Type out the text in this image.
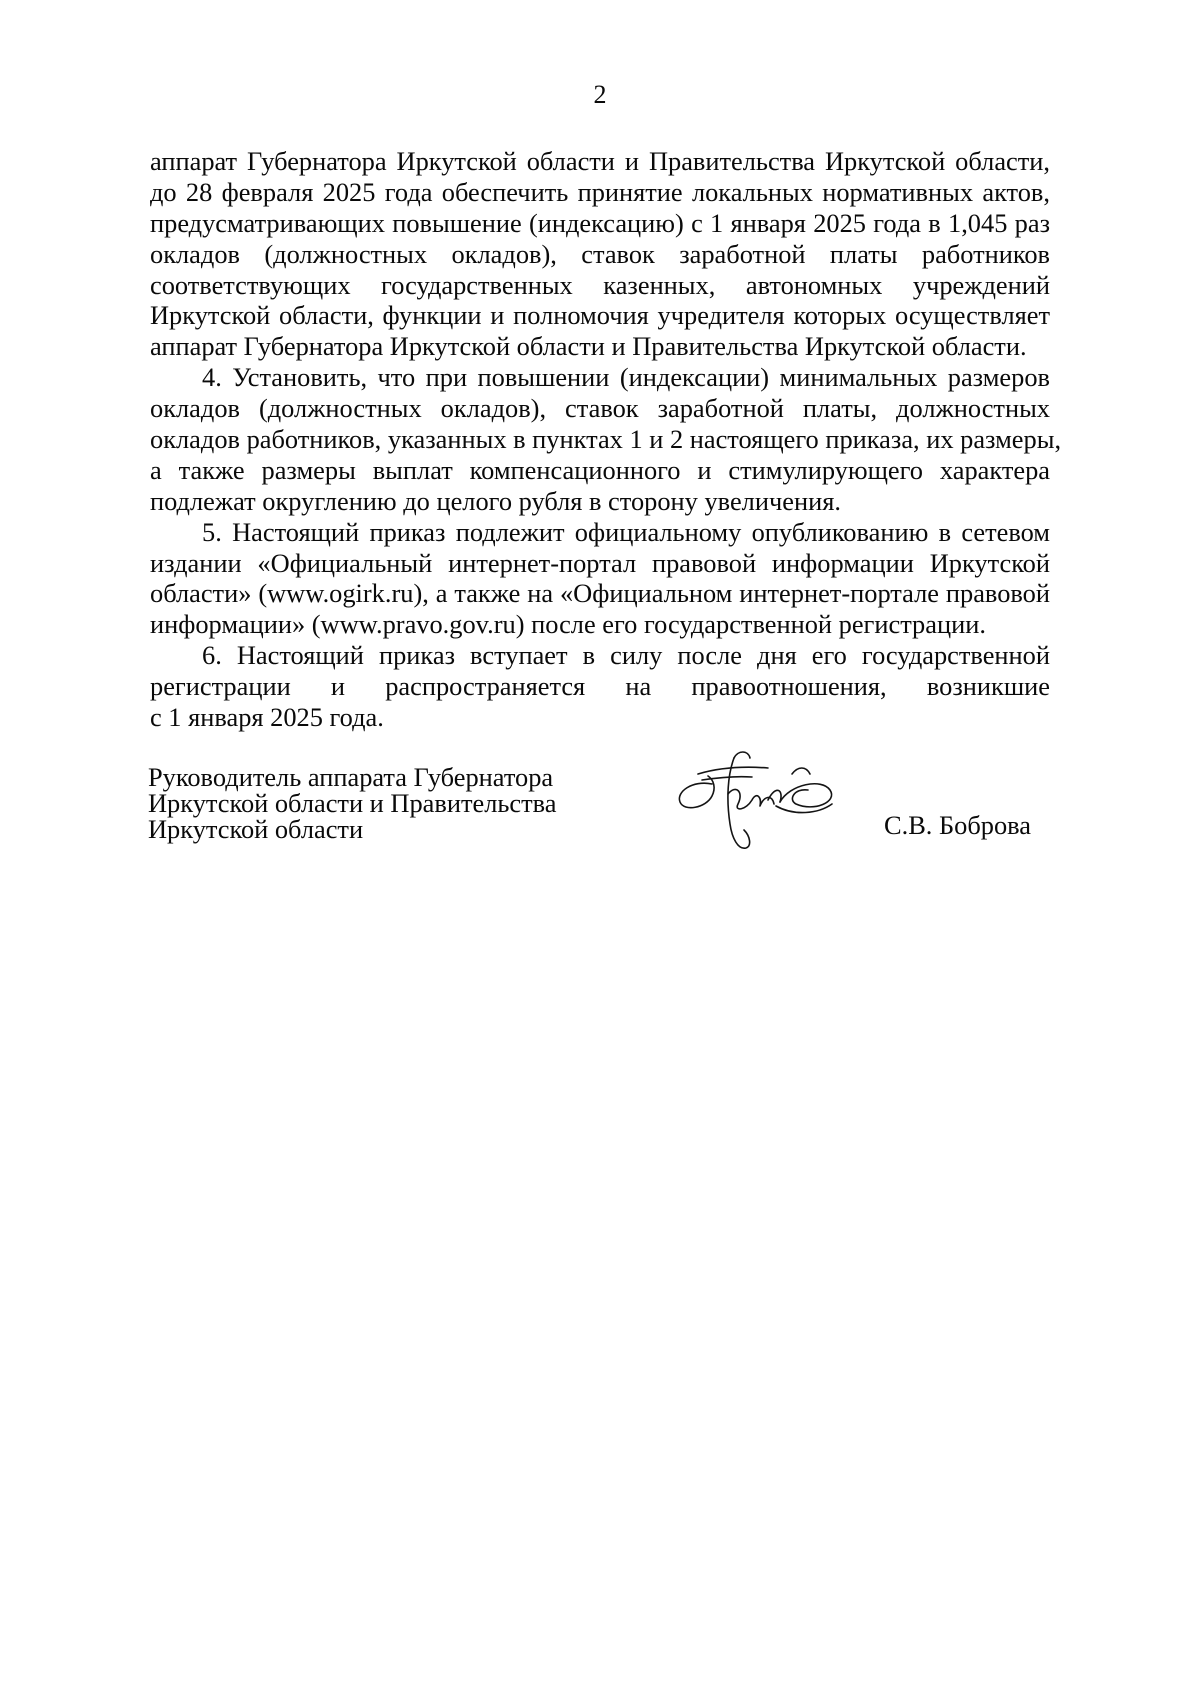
2
аппарат Губернатора Иркутской области и Правительства Иркутской области,
до 28 февраля 2025 года обеспечить принятие локальных нормативных актов,
предусматривающих повышение (индексацию) с 1 января 2025 года в 1,045 раз
окладов (должностных окладов), ставок заработной платы работников
соответствующих государственных казенных, автономных учреждений
Иркутской области, функции и полномочия учредителя которых осуществляет
аппарат Губернатора Иркутской области и Правительства Иркутской области.
4. Установить, что при повышении (индексации) минимальных размеров
окладов (должностных окладов), ставок заработной платы, должностных
окладов работников, указанных в пунктах 1 и 2 настоящего приказа, их размеры,
а также размеры выплат компенсационного и стимулирующего характера
подлежат округлению до целого рубля в сторону увеличения.
5. Настоящий приказ подлежит официальному опубликованию в сетевом
издании «Официальный интернет-портал правовой информации Иркутской
области» (www.ogirk.ru), а также на «Официальном интернет-портале правовой
информации» (www.pravo.gov.ru) после его государственной регистрации.
6. Настоящий приказ вступает в силу после дня его государственной
регистрации и распространяется на правоотношения, возникшие
с 1 января 2025 года.
Руководитель аппарата Губернатора
Иркутской области и Правительства
Иркутской области	С.В. Боброва
